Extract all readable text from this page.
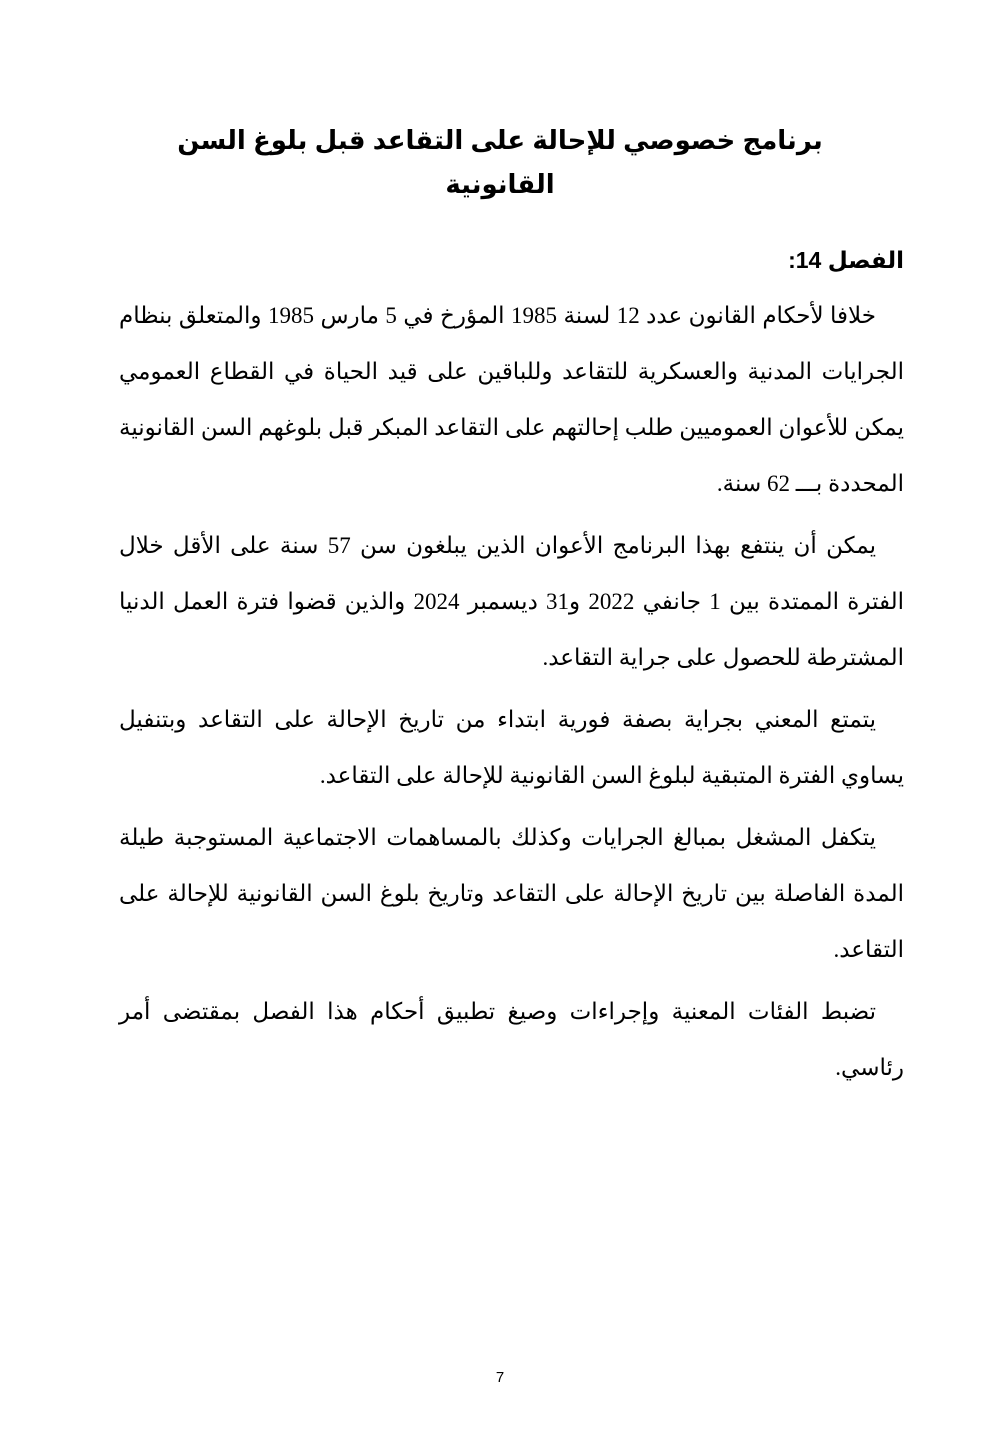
برنامج خصوصي للإحالة على التقاعد قبل بلوغ السن القانونية
الفصل 14:

خلافا لأحكام القانون عدد 12 لسنة 1985 المؤرخ في 5 مارس 1985 والمتعلق بنظام الجرايات المدنية والعسكرية للتقاعد وللباقين على قيد الحياة في القطاع العمومي يمكن للأعوان العموميين طلب إحالتهم على التقاعد المبكر قبل بلوغهم السن القانونية المحددة بـــ 62 سنة.

يمكن أن ينتفع بهذا البرنامج الأعوان الذين يبلغون سن 57 سنة على الأقل خلال الفترة الممتدة بين 1 جانفي 2022 و31 ديسمبر 2024 والذين قضوا فترة العمل الدنيا المشترطة للحصول على جراية التقاعد.

يتمتع المعني بجراية بصفة فورية ابتداء من تاريخ الإحالة على التقاعد وبتنفيل يساوي الفترة المتبقية لبلوغ السن القانونية للإحالة على التقاعد.

يتكفل المشغل بمبالغ الجرايات وكذلك بالمساهمات الاجتماعية المستوجبة طيلة المدة الفاصلة بين تاريخ الإحالة على التقاعد وتاريخ بلوغ السن القانونية للإحالة على التقاعد.

تضبط الفئات المعنية وإجراءات وصيغ تطبيق أحكام هذا الفصل بمقتضى أمر رئاسي.

7
